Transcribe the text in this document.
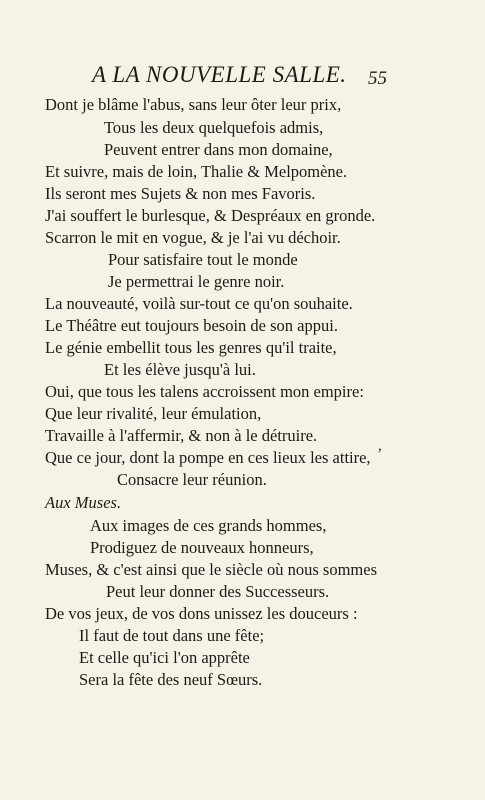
A LA NOUVELLE SALLE. 55
Dont je blâme l'abus, sans leur ôter leur prix,
Tous les deux quelquefois admis,
Peuvent entrer dans mon domaine,
Et suivre, mais de loin, Thalie & Melpomène.
Ils seront mes Sujets & non mes Favoris.
J'ai souffert le burlesque, & Despréaux en gronde.
Scarron le mit en vogue, & je l'ai vu déchoir.
Pour satisfaire tout le monde
Je permettrai le genre noir.
La nouveauté, voilà sur-tout ce qu'on souhaite.
Le Théâtre eut toujours besoin de son appui.
Le génie embellit tous les genres qu'il traite,
Et les élève jusqu'à lui.
Oui, que tous les talens accroissent mon empire:
Que leur rivalité, leur émulation,
Travaille à l'affermir, & non à le détruire.
Que ce jour, dont la pompe en ces lieux les attire,
Consacre leur réunion.
Aux Muses.
Aux images de ces grands hommes,
Prodiguez de nouveaux honneurs,
Muses, & c'est ainsi que le siècle où nous sommes
Peut leur donner des Successeurs.
De vos jeux, de vos dons unissez les douceurs :
Il faut de tout dans une fête;
Et celle qu'ici l'on apprête
Sera la fête des neuf Sœurs.
,
